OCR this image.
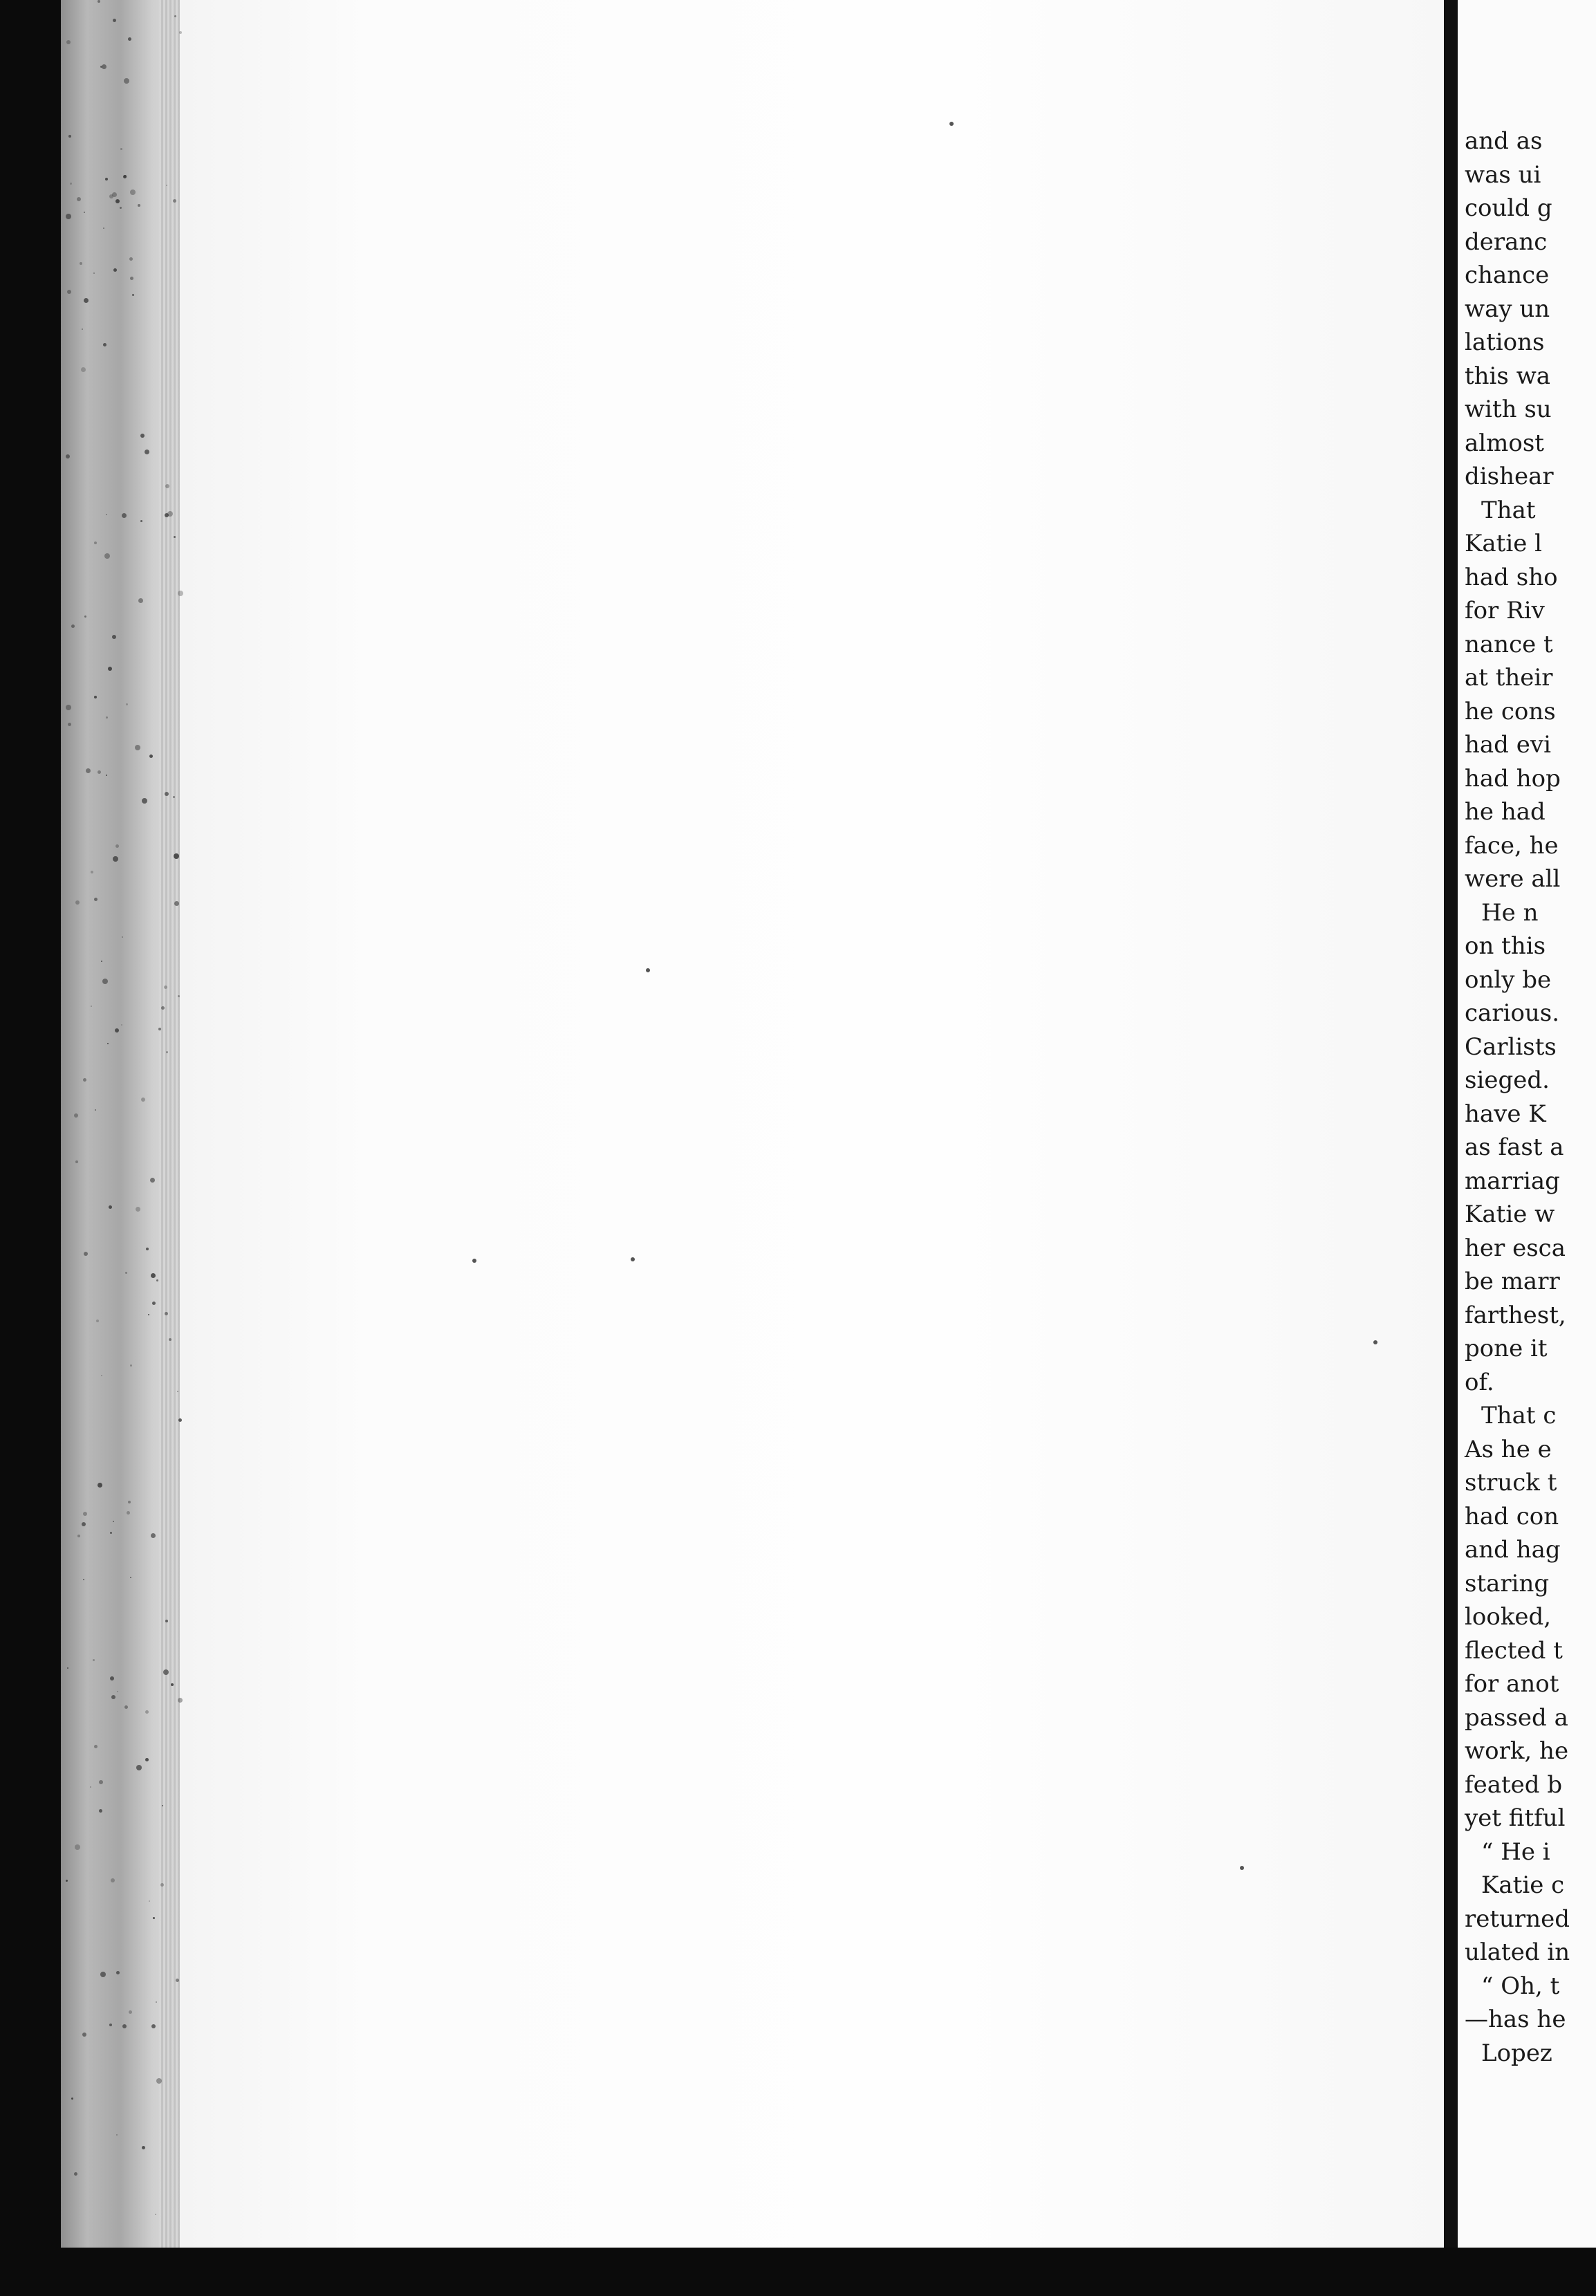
and as
was ui
could g
deranc
chance
way un
lations
this wa
with su
almost
dishear
That
Katie l
had sho
for Riv
nance t
at their
he cons
had evi
had hop
he had
face, he
were all
He n
on this
only be
carious.
Carlists
sieged.
have K
as fast a
marriag
Katie w
her esca
be marr
farthest,
pone it
of.
That c
As he e
struck t
had con
and hag
staring
looked,
flected t
for anot
passed a
work, he
feated b
yet fitful
“ He i
Katie c
returned
ulated in
“ Oh, t
—has he
Lopez
